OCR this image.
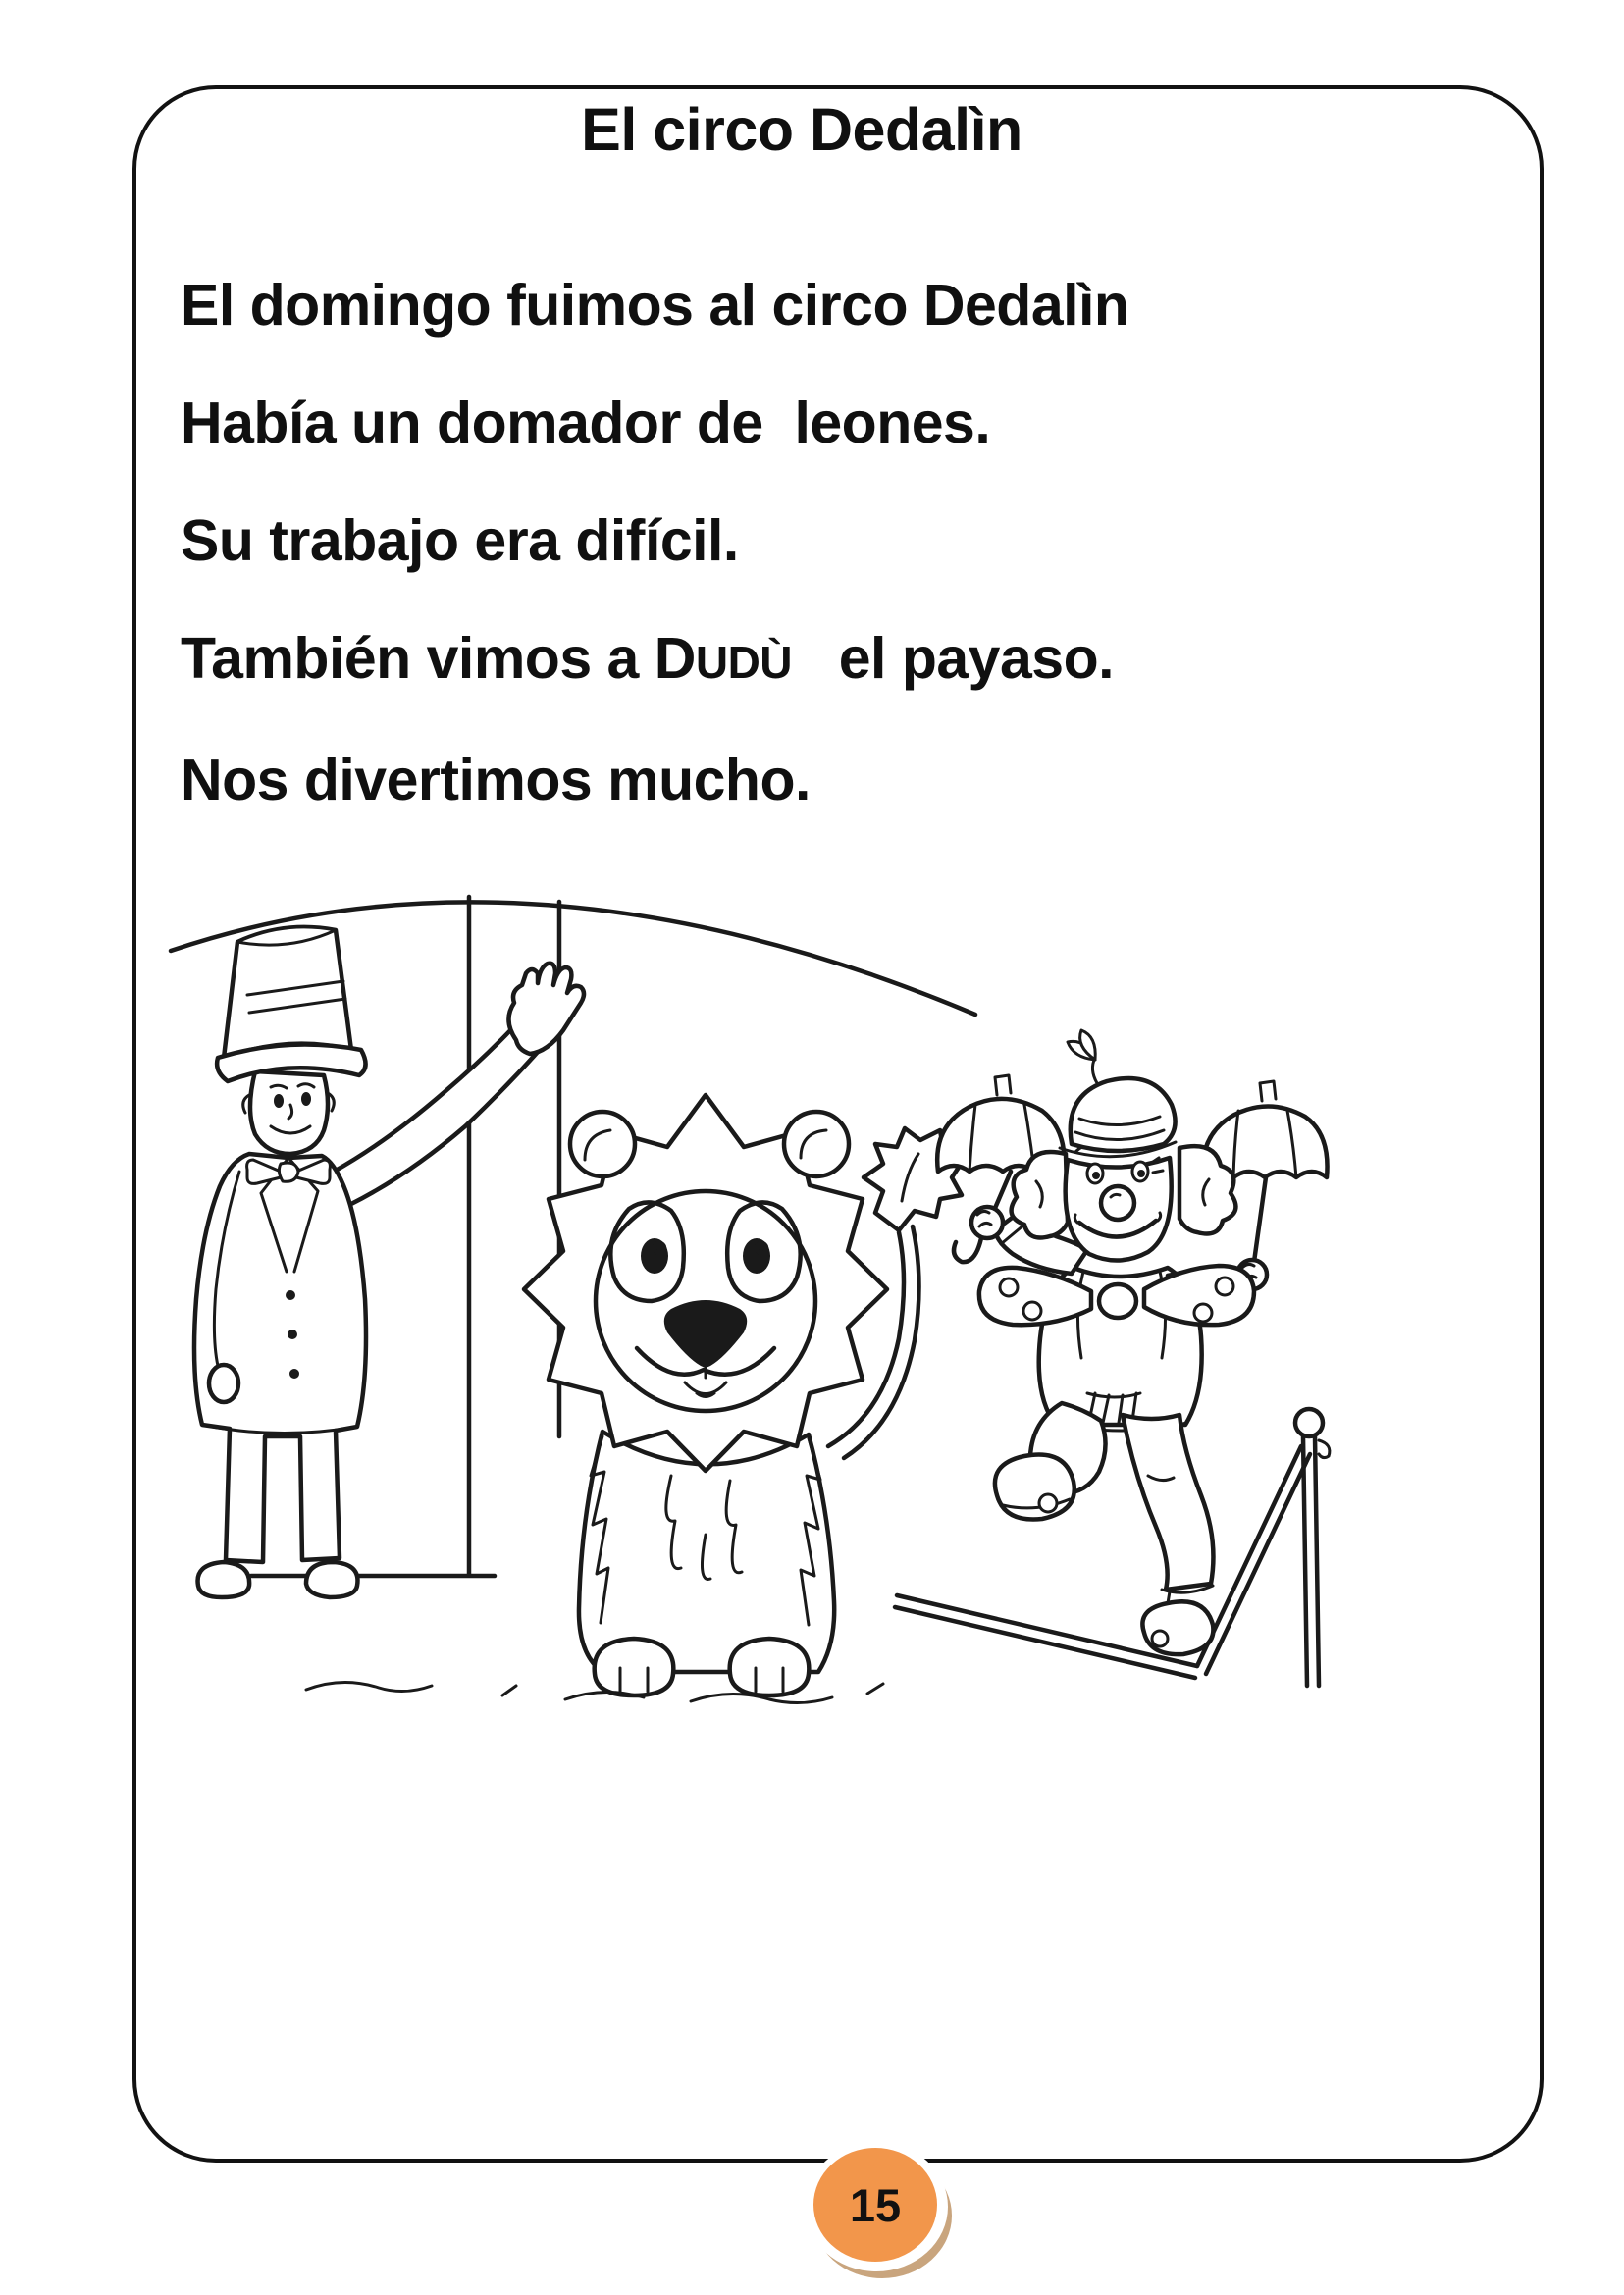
El circo Dedalìn

El domingo fuimos al circo Dedalìn

Había un domador de  leones.

Su trabajo era difícil.

También vimos a DUDÙ   el payaso.

Nos divertimos mucho.

15
